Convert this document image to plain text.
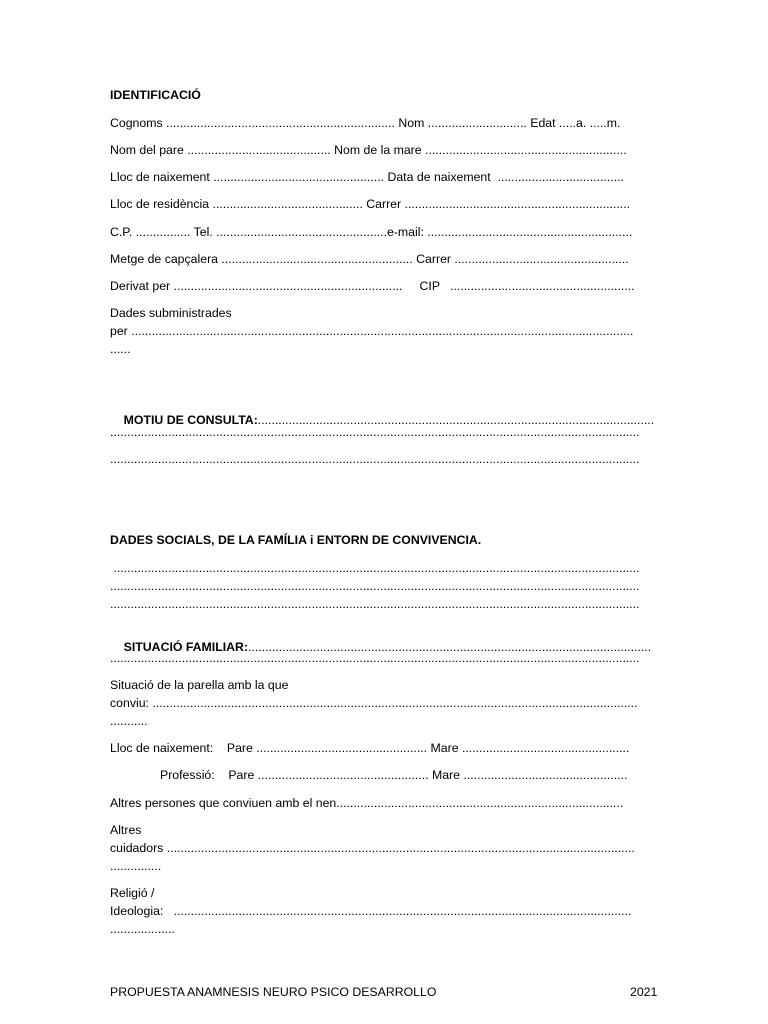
IDENTIFICACIÓ

Cognoms ................................................................... Nom ............................. Edat .....a. .....m.

Nom del pare .......................................... Nom de la mare ...........................................................

Lloc de naixement .................................................. Data de naixement  .....................................

Lloc de residència ............................................ Carrer ..................................................................

C.P. ................ Tel. ..................................................e-mail: ............................................................

Metge de capçalera ........................................................ Carrer ...................................................

Derivat per ...................................................................     CIP   ......................................................

Dades subministrades

per ...................................................................................................................................................

......

MOTIU DE CONSULTA:....................................................................................................................

...........................................................................................................................................................

...........................................................................................................................................................

DADES SOCIALS, DE LA FAMÍLIA i ENTORN DE CONVIVENCIA.

..........................................................................................................................................................

...........................................................................................................................................................

...........................................................................................................................................................

SITUACIÓ FAMILIAR:......................................................................................................................

...........................................................................................................................................................

Situació de la parella amb la que

conviu: ..............................................................................................................................................

...........

Lloc de naixement:    Pare .................................................. Mare .................................................

Professió:    Pare .................................................. Mare ................................................

Altres persones que conviuen amb el nen....................................................................................

Altres

cuidadors .........................................................................................................................................

...............

Religió /

Ideologia:   ......................................................................................................................................

...................

PROPUESTA ANAMNESIS NEURO PSICO DESARROLLO	2021
